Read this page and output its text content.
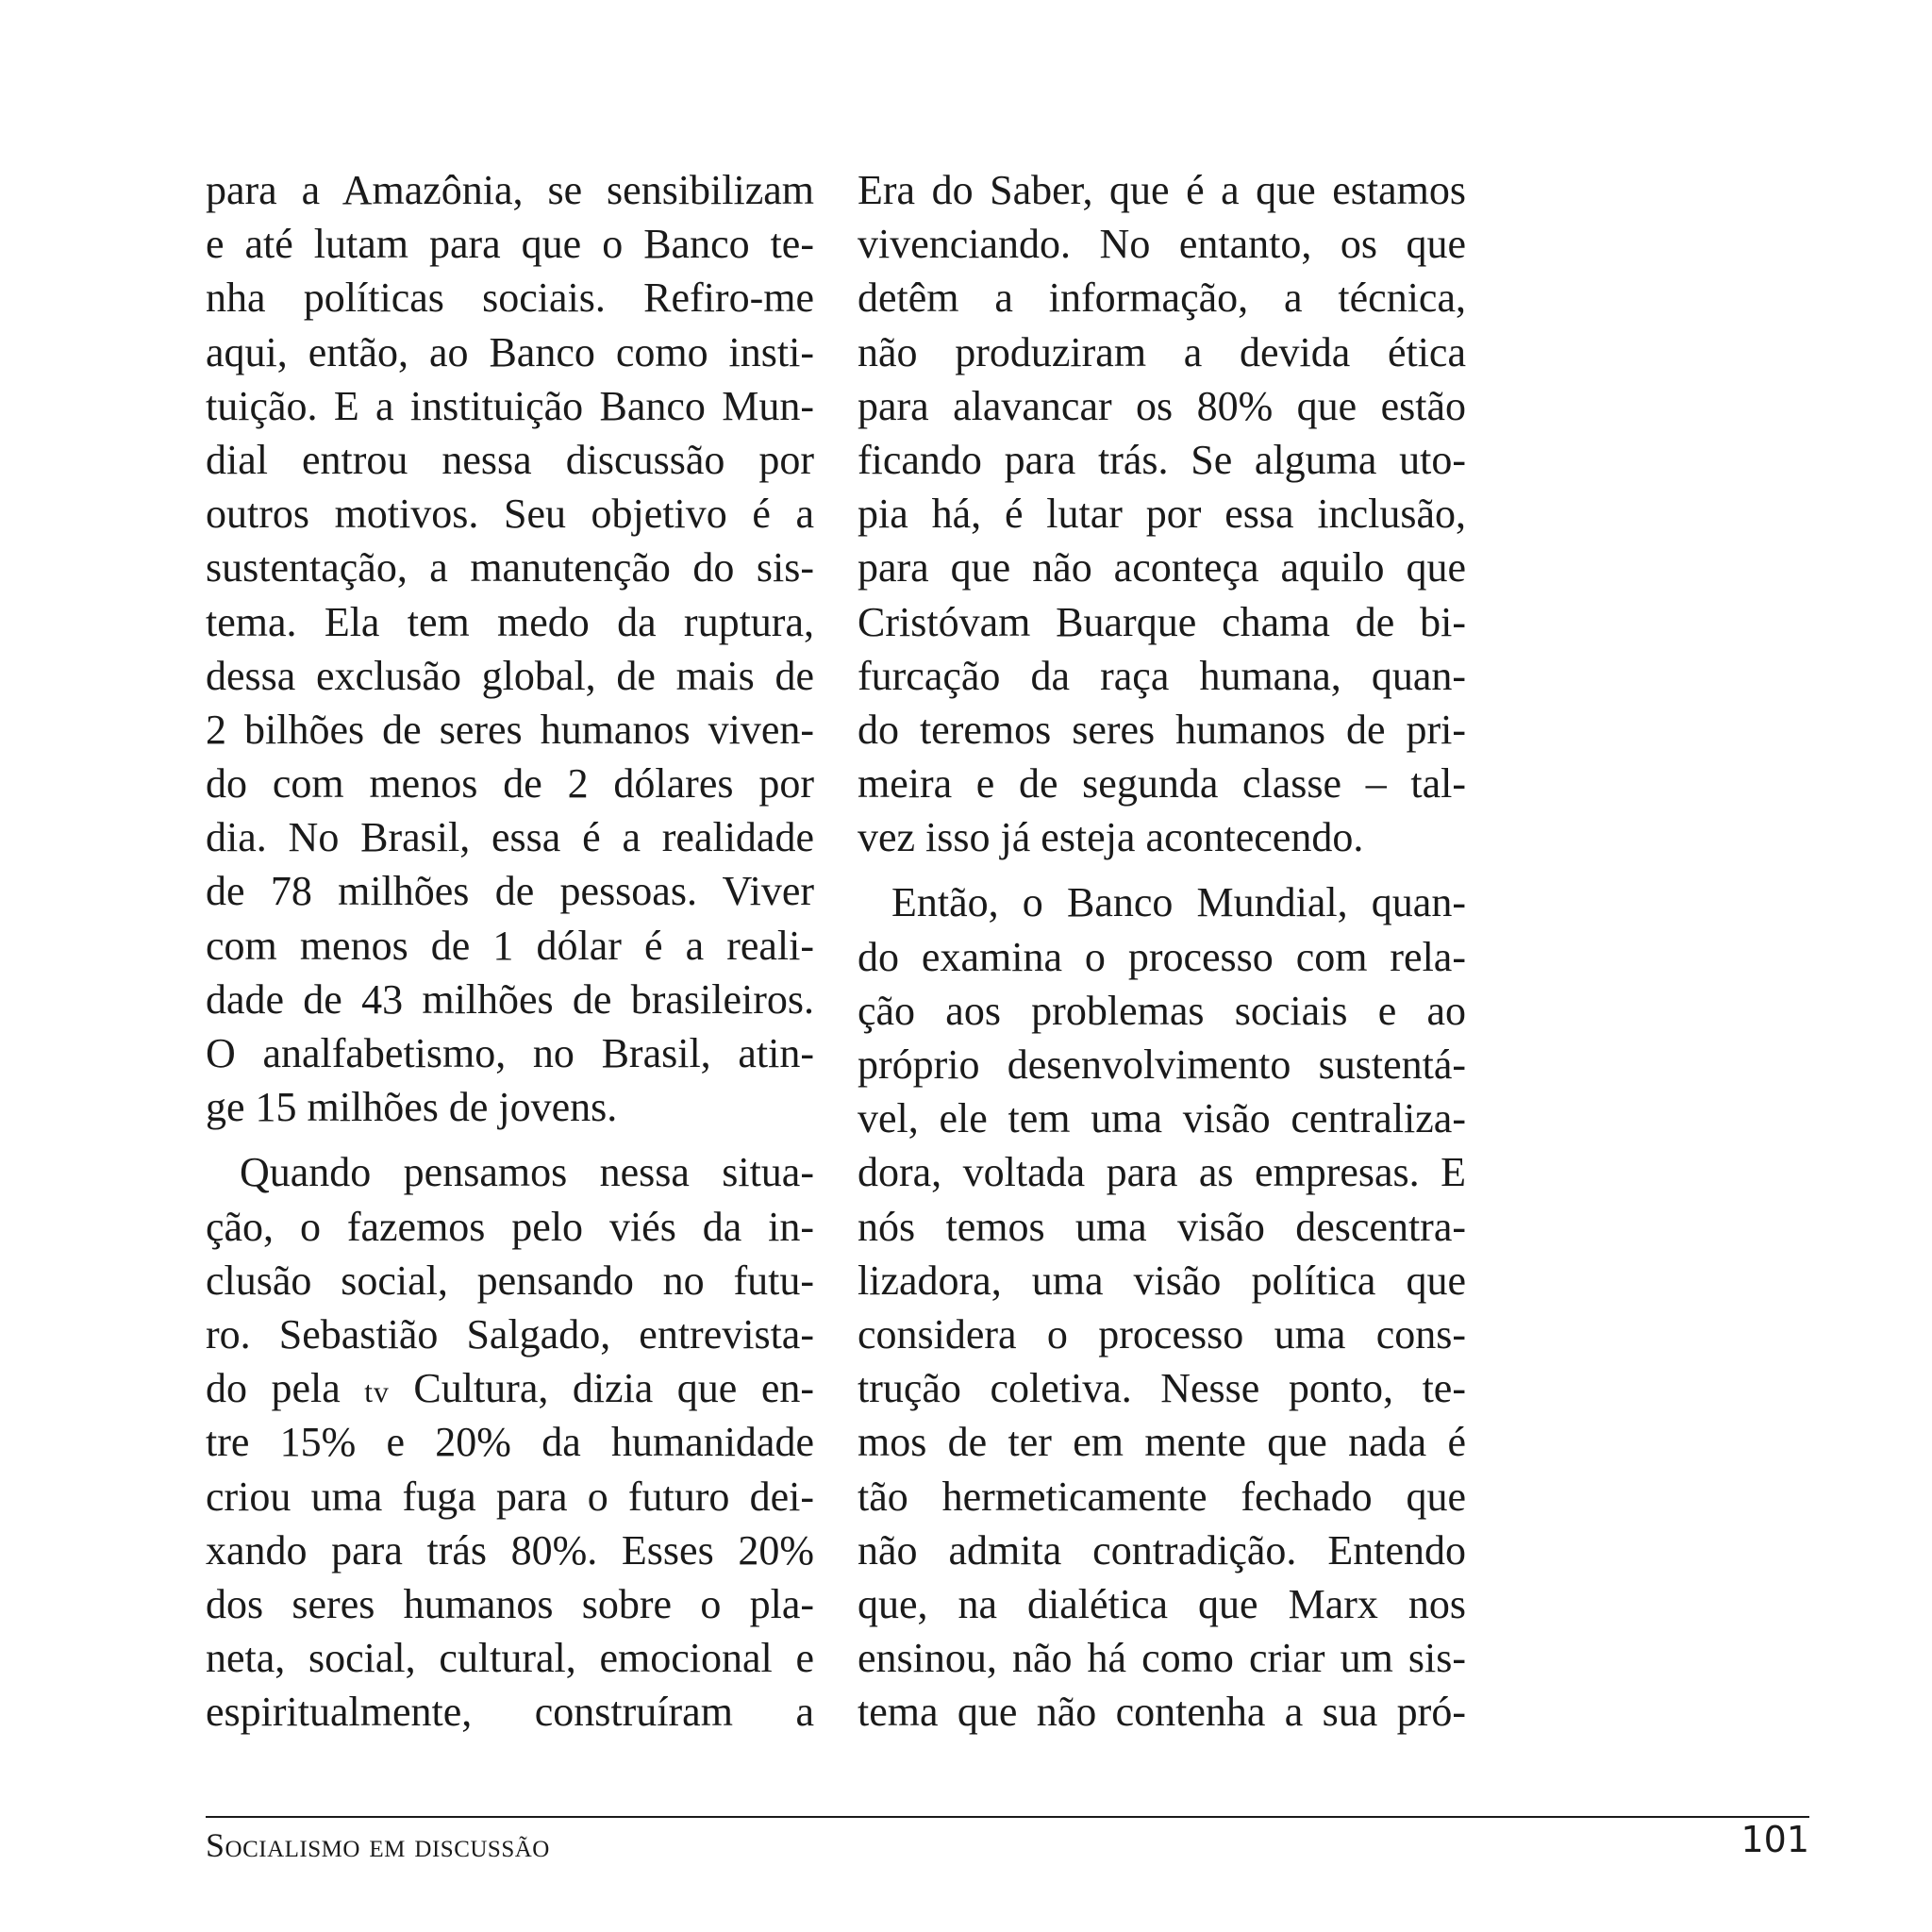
para a Amazônia, se sensibilizam
e até lutam para que o Banco te-
nha políticas sociais. Refiro-me
aqui, então, ao Banco como insti-
tuição. E a instituição Banco Mun-
dial entrou nessa discussão por
outros motivos. Seu objetivo é a
sustentação, a manutenção do sis-
tema. Ela tem medo da ruptura,
dessa exclusão global, de mais de
2 bilhões de seres humanos viven-
do com menos de 2 dólares por
dia. No Brasil, essa é a realidade
de 78 milhões de pessoas. Viver
com menos de 1 dólar é a reali-
dade de 43 milhões de brasileiros.
O analfabetismo, no Brasil, atin-
ge 15 milhões de jovens.
Quando pensamos nessa situa-
ção, o fazemos pelo viés da in-
clusão social, pensando no futu-
ro. Sebastião Salgado, entrevista-
do pela tv Cultura, dizia que en-
tre 15% e 20% da humanidade
criou uma fuga para o futuro dei-
xando para trás 80%. Esses 20%
dos seres humanos sobre o pla-
neta, social, cultural, emocional e
espiritualmente, construíram a
Era do Saber, que é a que estamos
vivenciando. No entanto, os que
detêm a informação, a técnica,
não produziram a devida ética
para alavancar os 80% que estão
ficando para trás. Se alguma uto-
pia há, é lutar por essa inclusão,
para que não aconteça aquilo que
Cristóvam Buarque chama de bi-
furcação da raça humana, quan-
do teremos seres humanos de pri-
meira e de segunda classe – tal-
vez isso já esteja acontecendo.
Então, o Banco Mundial, quan-
do examina o processo com rela-
ção aos problemas sociais e ao
próprio desenvolvimento sustentá-
vel, ele tem uma visão centraliza-
dora, voltada para as empresas. E
nós temos uma visão descentra-
lizadora, uma visão política que
considera o processo uma cons-
trução coletiva. Nesse ponto, te-
mos de ter em mente que nada é
tão hermeticamente fechado que
não admita contradição. Entendo
que, na dialética que Marx nos
ensinou, não há como criar um sis-
tema que não contenha a sua pró-
Socialismo em discussão	101
